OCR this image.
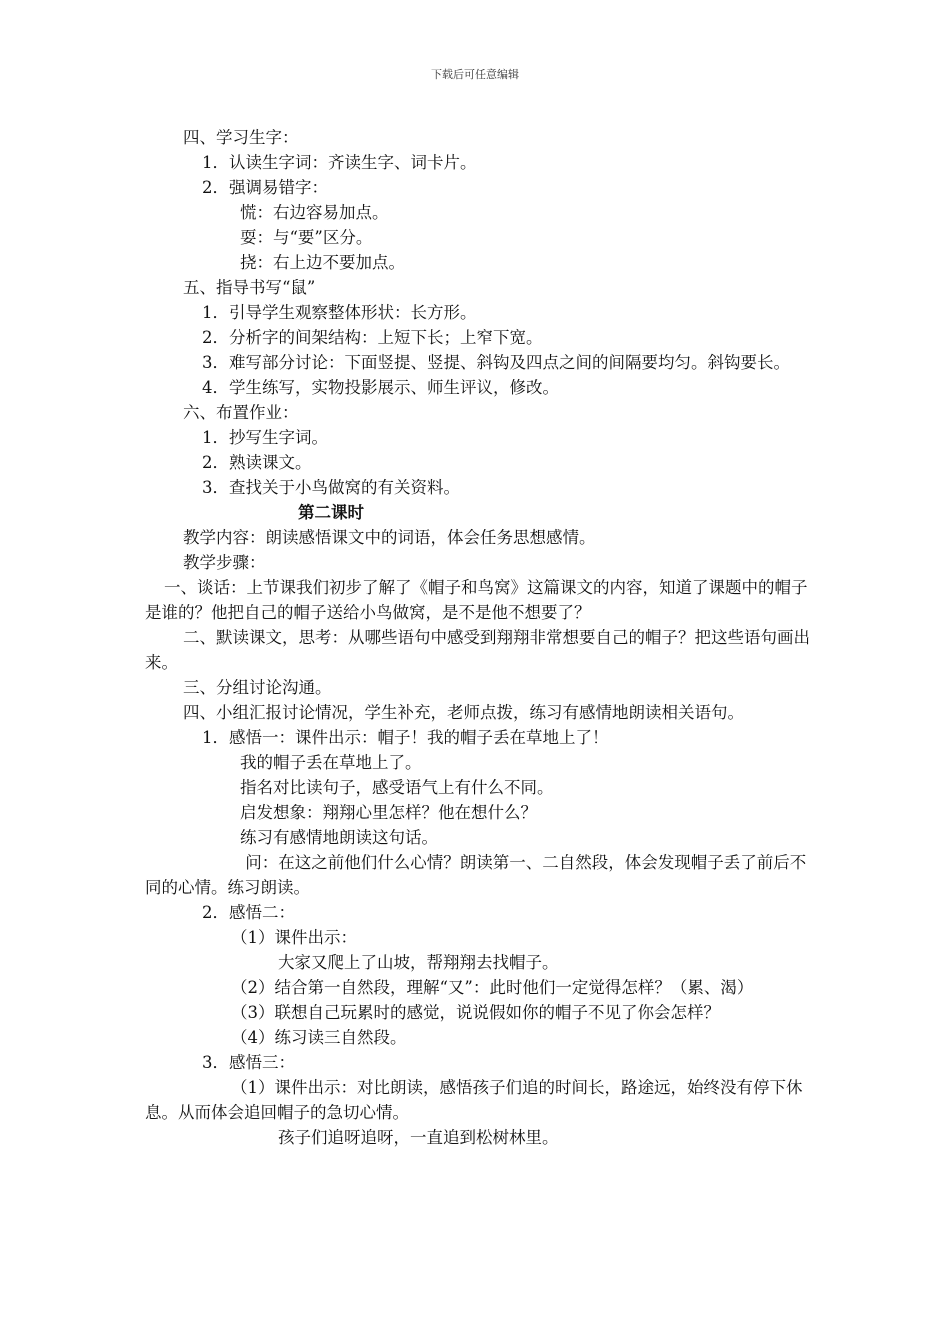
下载后可任意编辑

四、学习生字：

1．认读生字词：齐读生字、词卡片。

2．强调易错字：

慌：右边容易加点。

耍：与“要”区分。

挠：右上边不要加点。

五、指导书写“鼠”

1．引导学生观察整体形状：长方形。

2．分析字的间架结构：上短下长；上窄下宽。

3．难写部分讨论：下面竖提、竖提、斜钩及四点之间的间隔要均匀。斜钩要长。

4．学生练写，实物投影展示、师生评议，修改。

六、布置作业：

1．抄写生字词。

2．熟读课文。

3．查找关于小鸟做窝的有关资料。

第二课时

教学内容：朗读感悟课文中的词语，体会任务思想感情。

教学步骤：

一、谈话：上节课我们初步了解了《帽子和鸟窝》这篇课文的内容，知道了课题中的帽子是谁的？他把自己的帽子送给小鸟做窝，是不是他不想要了？

二、默读课文，思考：从哪些语句中感受到翔翔非常想要自己的帽子？把这些语句画出来。

三、分组讨论沟通。

四、小组汇报讨论情况，学生补充，老师点拨，练习有感情地朗读相关语句。

1．感悟一：课件出示：帽子！我的帽子丢在草地上了！

我的帽子丢在草地上了。

指名对比读句子，感受语气上有什么不同。

启发想象：翔翔心里怎样？他在想什么？

练习有感情地朗读这句话。

问：在这之前他们什么心情？朗读第一、二自然段，体会发现帽子丢了前后不同的心情。练习朗读。

2．感悟二：

（1）课件出示：

大家又爬上了山坡，帮翔翔去找帽子。

（2）结合第一自然段，理解“又”：此时他们一定觉得怎样？（累、渴）

（3）联想自己玩累时的感觉，说说假如你的帽子不见了你会怎样？

（4）练习读三自然段。

3．感悟三：

（1）课件出示：对比朗读，感悟孩子们追的时间长，路途远，始终没有停下休息。从而体会追回帽子的急切心情。

孩子们追呀追呀，一直追到松树林里。
